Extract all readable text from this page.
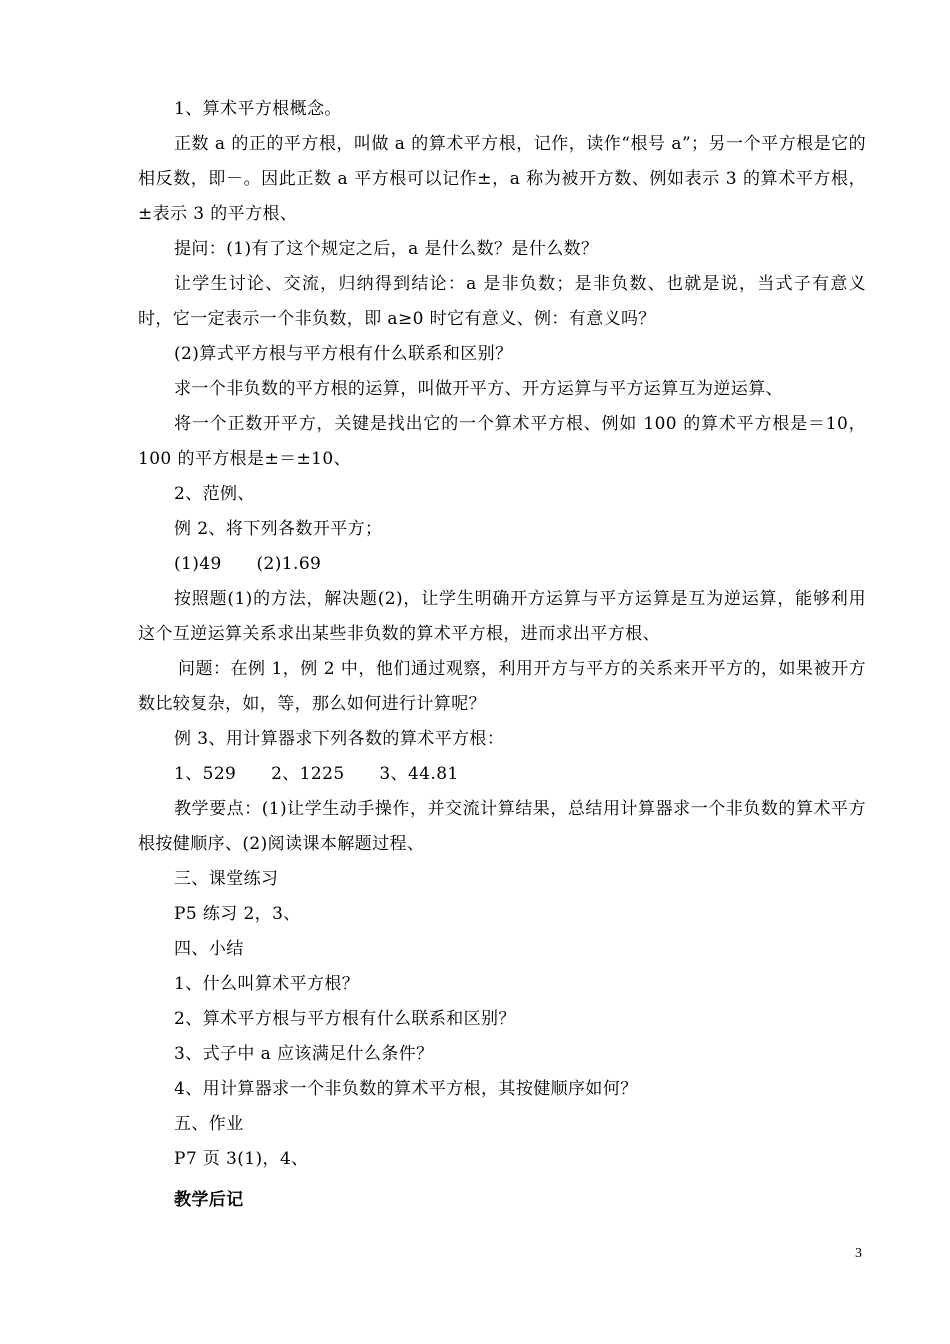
1、算术平方根概念。

正数 a 的正的平方根，叫做 a 的算术平方根，记作，读作“根号 a”；另一个平方根是它的相反数，即－。因此正数 a 平方根可以记作±，a 称为被开方数、例如表示 3 的算术平方根，±表示 3 的平方根、

提问：(1)有了这个规定之后，a 是什么数？是什么数？

让学生讨论、交流，归纳得到结论：a 是非负数；是非负数、也就是说，当式子有意义时，它一定表示一个非负数，即 a≥0 时它有意义、例：有意义吗？

(2)算式平方根与平方根有什么联系和区别？

求一个非负数的平方根的运算，叫做开平方、开方运算与平方运算互为逆运算、

将一个正数开平方，关键是找出它的一个算术平方根、例如 100 的算术平方根是＝10，100 的平方根是±＝±10、

2、范例、

例 2、将下列各数开平方；

(1)49　　(2)1.69

按照题(1)的方法，解决题(2)，让学生明确开方运算与平方运算是互为逆运算，能够利用这个互逆运算关系求出某些非负数的算术平方根，进而求出平方根、

问题：在例 1，例 2 中，他们通过观察，利用开方与平方的关系来开平方的，如果被开方数比较复杂，如，等，那么如何进行计算呢？

例 3、用计算器求下列各数的算术平方根：

1、529　　2、1225　　3、44.81

教学要点：(1)让学生动手操作，并交流计算结果，总结用计算器求一个非负数的算术平方根按健顺序、(2)阅读课本解题过程、

三、课堂练习

P5 练习 2，3、

四、小结

1、什么叫算术平方根？

2、算术平方根与平方根有什么联系和区别？

3、式子中 a 应该满足什么条件？

4、用计算器求一个非负数的算术平方根，其按健顺序如何？

五、作业

P7 页 3(1)，4、

教学后记

3
